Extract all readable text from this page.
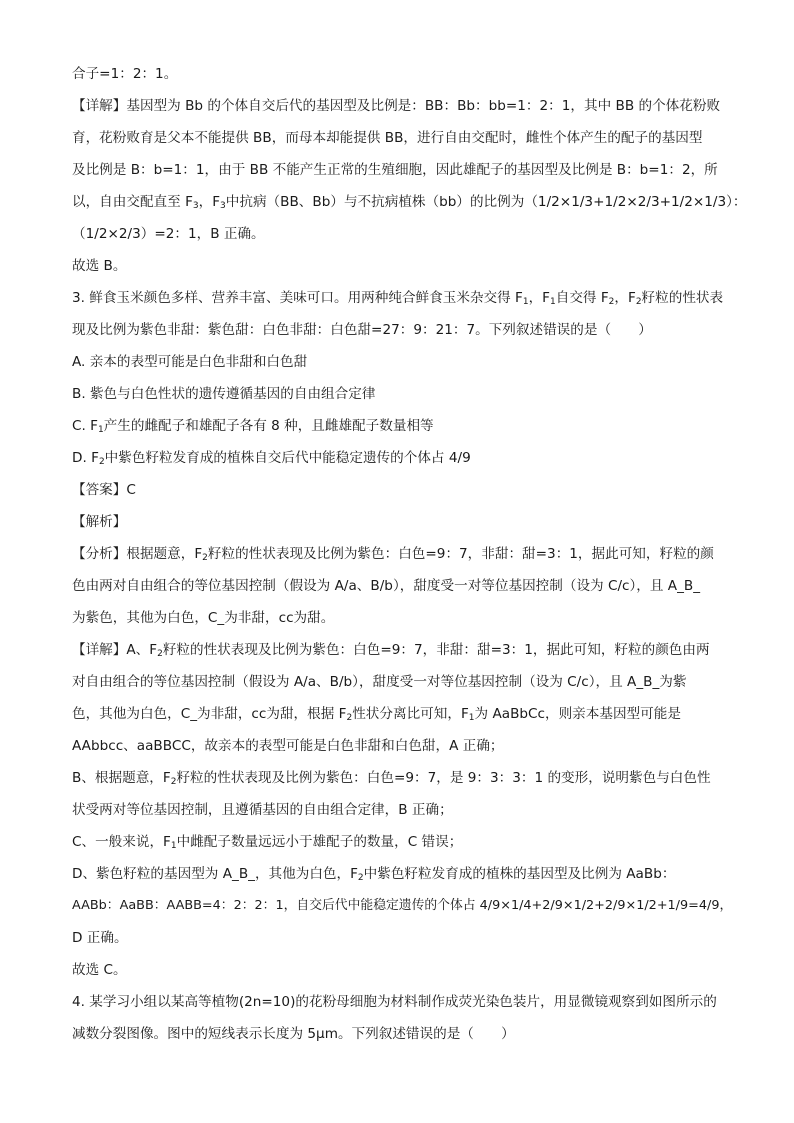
合子=1：2：1。
【详解】基因型为 Bb 的个体自交后代的基因型及比例是：BB：Bb：bb=1：2：1，其中 BB 的个体花粉败
育，花粉败育是父本不能提供 BB，而母本却能提供 BB，进行自由交配时，雌性个体产生的配子的基因型
及比例是 B：b=1：1，由于 BB 不能产生正常的生殖细胞，因此雄配子的基因型及比例是 B：b=1：2，所
以，自由交配直至 $F_3$，$F_3$中抗病（BB、Bb）与不抗病植株（bb）的比例为（1/2×1/3+1/2×2/3+1/2×1/3）：
（1/2×2/3）=2：1，B 正确。
故选 B。
3. 鲜食玉米颜色多样、营养丰富、美味可口。用两种纯合鲜食玉米杂交得 $F_1$，$F_1$自交得 $F_2$，$F_2$籽粒的性状表
现及比例为紫色非甜：紫色甜：白色非甜：白色甜=27：9：21：7。下列叙述错误的是（　　）
A. 亲本的表型可能是白色非甜和白色甜
B. 紫色与白色性状的遗传遵循基因的自由组合定律
C. $F_1$产生的雌配子和雄配子各有 8 种，且雌雄配子数量相等
D. $F_2$中紫色籽粒发育成的植株自交后代中能稳定遗传的个体占 4/9
【答案】C
【解析】
【分析】根据题意，$F_2$籽粒的性状表现及比例为紫色：白色=9：7，非甜：甜=3：1，据此可知，籽粒的颜
色由两对自由组合的等位基因控制（假设为 A/a、B/b），甜度受一对等位基因控制（设为 C/c），且 A_B_
为紫色，其他为白色，C_为非甜，cc为甜。
【详解】A、$F_2$籽粒的性状表现及比例为紫色：白色=9：7，非甜：甜=3：1，据此可知，籽粒的颜色由两
对自由组合的等位基因控制（假设为 A/a、B/b），甜度受一对等位基因控制（设为 C/c），且 A_B_为紫
色，其他为白色，C_为非甜，cc为甜，根据 $F_2$性状分离比可知，$F_1$为 AaBbCc，则亲本基因型可能是
AAbbcc、aaBBCC，故亲本的表型可能是白色非甜和白色甜，A 正确；
B、根据题意，$F_2$籽粒的性状表现及比例为紫色：白色=9：7，是 9：3：3：1 的变形，说明紫色与白色性
状受两对等位基因控制，且遵循基因的自由组合定律，B 正确；
C、一般来说，$F_1$中雌配子数量远远小于雄配子的数量，C 错误；
D、紫色籽粒的基因型为 A_B_，其他为白色，$F_2$中紫色籽粒发育成的植株的基因型及比例为 AaBb：
AABb：AaBB：AABB=4：2：2：1，自交后代中能稳定遗传的个体占 4/9×1/4+2/9×1/2+2/9×1/2+1/9=4/9，
D 正确。
故选 C。
4. 某学习小组以某高等植物(2n=10)的花粉母细胞为材料制作成荧光染色装片，用显微镜观察到如图所示的
减数分裂图像。图中的短线表示长度为 5μm。下列叙述错误的是（　　）
